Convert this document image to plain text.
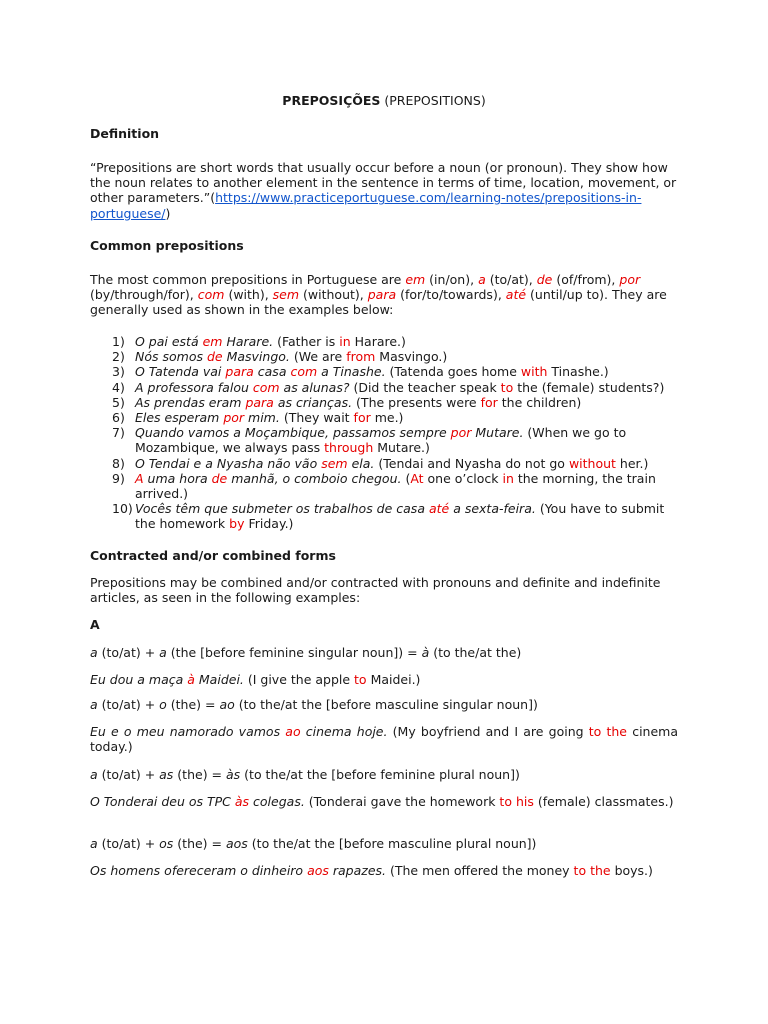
PREPOSIÇÕES (PREPOSITIONS)
Definition
“Prepositions are short words that usually occur before a noun (or pronoun). They show how the noun relates to another element in the sentence in terms of time, location, movement, or other parameters.”(https://www.practiceportuguese.com/learning-notes/prepositions-in-portuguese/)
Common prepositions
The most common prepositions in Portuguese are em (in/on), a (to/at), de (of/from), por (by/through/for), com (with), sem (without), para (for/to/towards), até (until/up to). They are generally used as shown in the examples below:
1) O pai está em Harare. (Father is in Harare.)
2) Nós somos de Masvingo. (We are from Masvingo.)
3) O Tatenda vai para casa com a Tinashe. (Tatenda goes home with Tinashe.)
4) A professora falou com as alunas? (Did the teacher speak to the (female) students?)
5) As prendas eram para as crianças. (The presents were for the children)
6) Eles esperam por mim. (They wait for me.)
7) Quando vamos a Moçambique, passamos sempre por Mutare. (When we go to Mozambique, we always pass through Mutare.)
8) O Tendai e a Nyasha não vão sem ela. (Tendai and Nyasha do not go without her.)
9) A uma hora de manhã, o comboio chegou. (At one o’clock in the morning, the train arrived.)
10) Vocês têm que submeter os trabalhos de casa até a sexta-feira. (You have to submit the homework by Friday.)
Contracted and/or combined forms
Prepositions may be combined and/or contracted with pronouns and definite and indefinite articles, as seen in the following examples:
A
a (to/at) + a (the [before feminine singular noun]) = à (to the/at the)
Eu dou a maça à Maidei. (I give the apple to Maidei.)
a (to/at) + o (the) = ao (to the/at the [before masculine singular noun])
Eu e o meu namorado vamos ao cinema hoje. (My boyfriend and I are going to the cinema today.)
a (to/at) + as (the) = às (to the/at the [before feminine plural noun])
O Tonderai deu os TPC às colegas. (Tonderai gave the homework to his (female) classmates.)
a (to/at) + os (the) = aos (to the/at the [before masculine plural noun])
Os homens ofereceram o dinheiro aos rapazes. (The men offered the money to the boys.)
